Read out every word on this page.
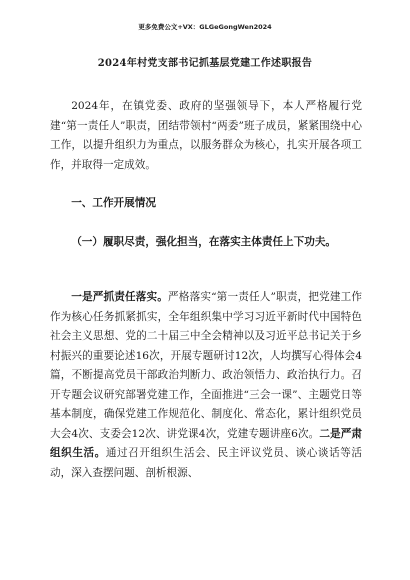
更多免费公文+VX：GLGeGongWen2024
2024年村党支部书记抓基层党建工作述职报告

2024年，在镇党委、政府的坚强领导下，本人严格履行党建“第一责任人”职责，团结带领村“两委”班子成员，紧紧围绕中心工作，以提升组织力为重点，以服务群众为核心，扎实开展各项工作，并取得一定成效。

一、工作开展情况
（一）履职尽责，强化担当，在落实主体责任上下功夫。

一是严抓责任落实。严格落实“第一责任人”职责，把党建工作作为核心任务抓紧抓实，全年组织集中学习习近平新时代中国特色社会主义思想、党的二十届三中全会精神以及习近平总书记关于乡村振兴的重要论述16次，开展专题研讨12次，人均撰写心得体会4篇，不断提高党员干部政治判断力、政治领悟力、政治执行力。召开专题会议研究部署党建工作，全面推进“三会一课”、主题党日等基本制度，确保党建工作规范化、制度化、常态化，累计组织党员大会4次、支委会12次、讲党课4次，党建专题讲座6次。二是严肃组织生活。通过召开组织生活会、民主评议党员、谈心谈话等活动，深入查摆问题、剖析根源、
